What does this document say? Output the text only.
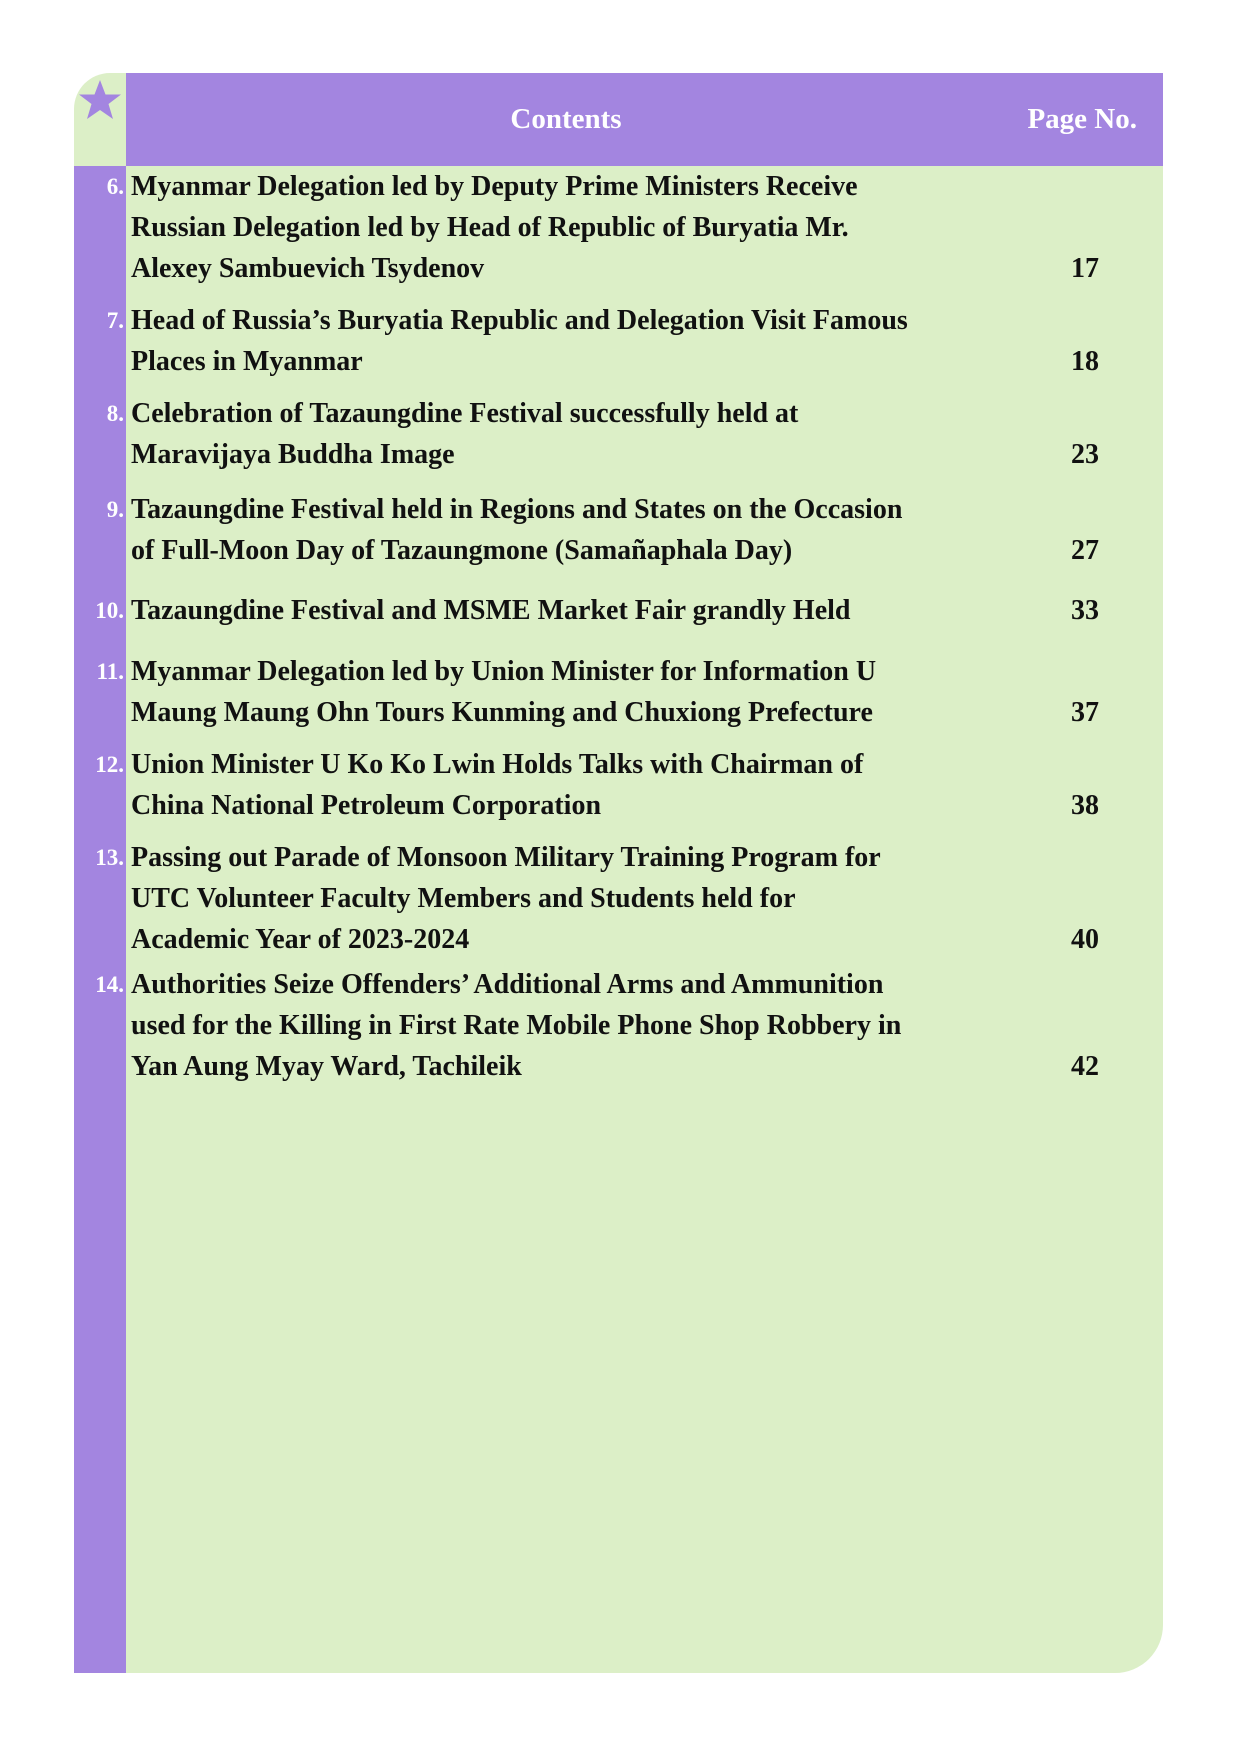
Contents	Page No.
6. Myanmar Delegation led by Deputy Prime Ministers Receive
Russian Delegation led by Head of Republic of Buryatia Mr.
Alexey Sambuevich Tsydenov	17
7. Head of Russia’s Buryatia Republic and Delegation Visit Famous
Places in Myanmar	18
8. Celebration of Tazaungdine Festival successfully held at
Maravijaya Buddha Image	23
9. Tazaungdine Festival held in Regions and States on the Occasion
of Full-Moon Day of Tazaungmone (Samañaphala Day)	27
10. Tazaungdine Festival and MSME Market Fair grandly Held	33
11. Myanmar Delegation led by Union Minister for Information U
Maung Maung Ohn Tours Kunming and Chuxiong Prefecture	37
12. Union Minister U Ko Ko Lwin Holds Talks with Chairman of
China National Petroleum Corporation	38
13. Passing out Parade of Monsoon Military Training Program for
UTC Volunteer Faculty Members and Students held for
Academic Year of 2023-2024	40
14. Authorities Seize Offenders’ Additional Arms and Ammunition
used for the Killing in First Rate Mobile Phone Shop Robbery in
Yan Aung Myay Ward, Tachileik	42
